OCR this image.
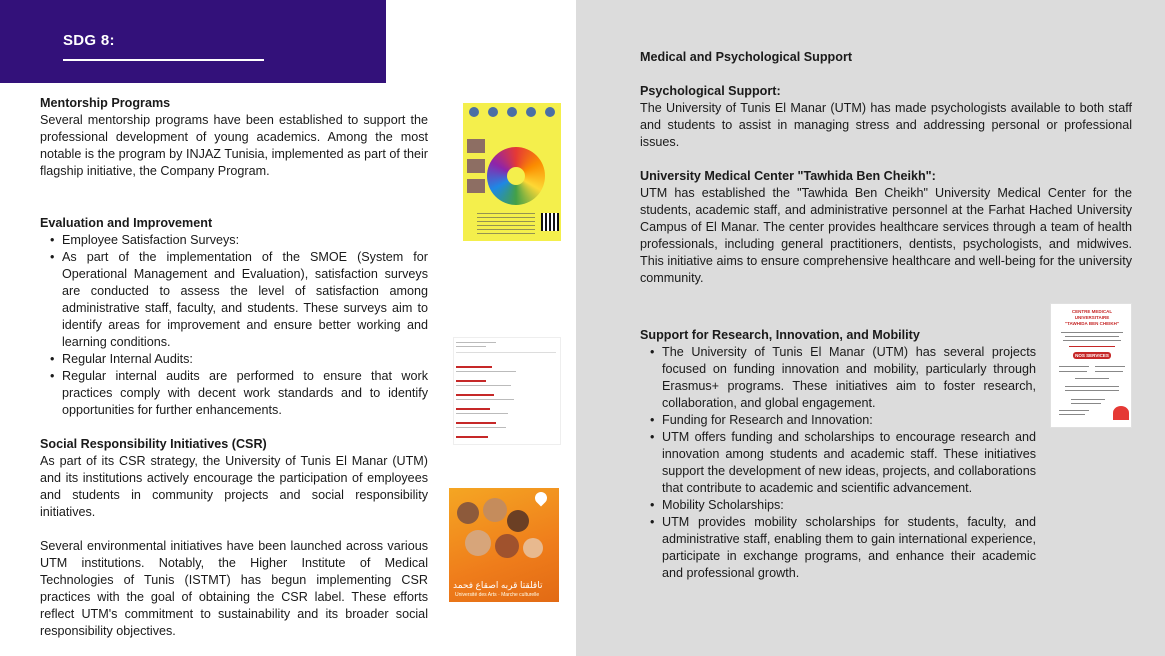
SDG 8:
Mentorship Programs
Several mentorship programs have been established to support the professional development of young academics. Among the most notable is the program by INJAZ Tunisia, implemented as part of their flagship initiative, the Company Program.
Evaluation and Improvement
• Employee Satisfaction Surveys:
• As part of the implementation of the SMOE (System for Operational Management and Evaluation), satisfaction surveys are conducted to assess the level of satisfaction among administrative staff, faculty, and students. These surveys aim to identify areas for improvement and ensure better working and learning conditions.
• Regular Internal Audits:
• Regular internal audits are performed to ensure that work practices comply with decent work standards and to identify opportunities for further enhancements.
Social Responsibility Initiatives (CSR)
As part of its CSR strategy, the University of Tunis El Manar (UTM) and its institutions actively encourage the participation of employees and students in community projects and social responsibility initiatives.
Several environmental initiatives have been launched across various UTM institutions. Notably, the Higher Institute of Medical Technologies of Tunis (ISTMT) has begun implementing CSR practices with the goal of obtaining the CSR label. These efforts reflect UTM's commitment to sustainability and its broader social responsibility objectives.
تاقلقتا قربه اصقاع فحمد
Université des Arts · Marche culturelle
Medical and Psychological Support
Psychological Support:
The University of Tunis El Manar (UTM) has made psychologists available to both staff and students to assist in managing stress and addressing personal or professional issues.
University Medical Center "Tawhida Ben Cheikh":
UTM has established the "Tawhida Ben Cheikh" University Medical Center for the students, academic staff, and administrative personnel at the Farhat Hached University Campus of El Manar. The center provides healthcare services through a team of health professionals, including general practitioners, dentists, psychologists, and midwives. This initiative aims to ensure comprehensive healthcare and well-being for the university community.
Support for Research, Innovation, and Mobility
• The University of Tunis El Manar (UTM) has several projects focused on funding innovation and mobility, particularly through Erasmus+ programs. These initiatives aim to foster research, collaboration, and global engagement.
• Funding for Research and Innovation:
• UTM offers funding and scholarships to encourage research and innovation among students and academic staff. These initiatives support the development of new ideas, projects, and collaborations that contribute to academic and scientific advancement.
• Mobility Scholarships:
• UTM provides mobility scholarships for students, faculty, and administrative staff, enabling them to gain international experience, participate in exchange programs, and enhance their academic and professional growth.
CENTRE MEDICAL
UNIVERSITAIRE
"TAWHIDA BEN CHEIKH"
NOS SERVICES
